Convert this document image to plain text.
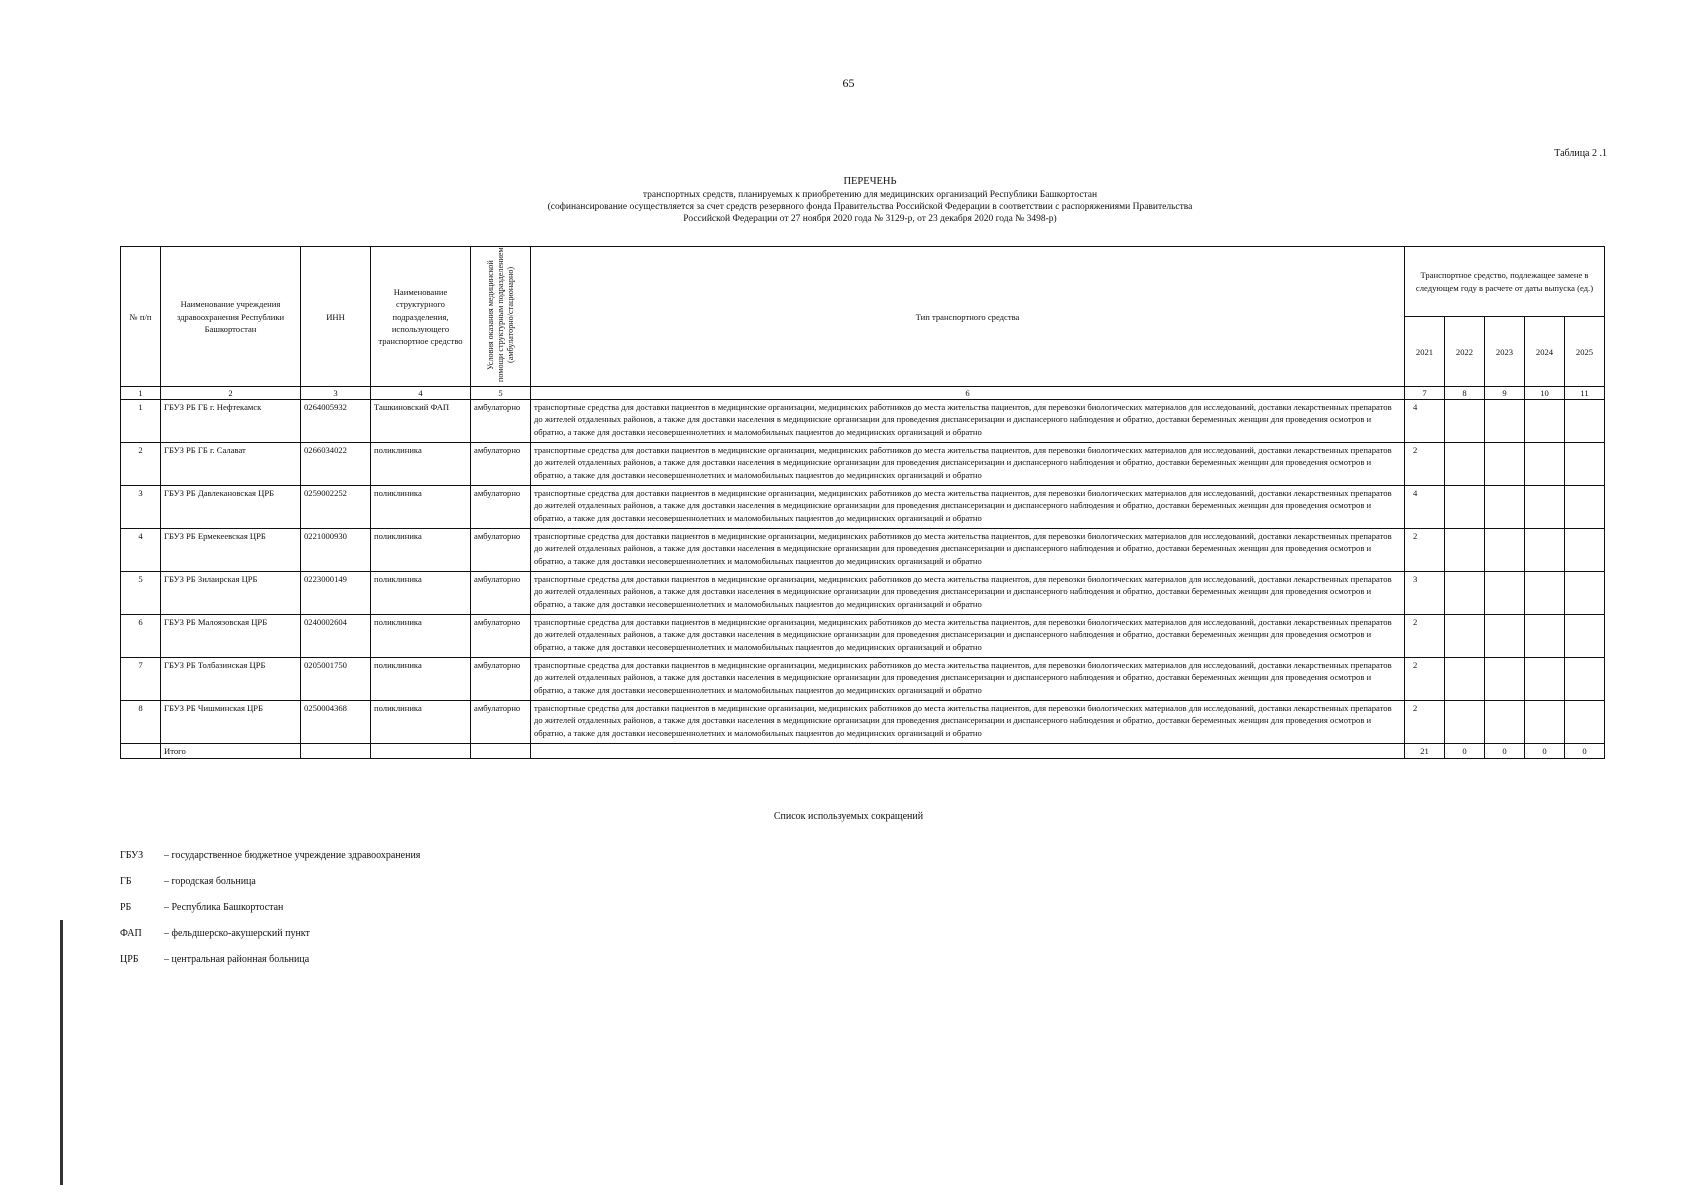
65
Таблица 2 .1
ПЕРЕЧЕНЬ
транспортных средств, планируемых к приобретению для медицинских организаций Республики Башкортостан
(софинансирование осуществляется за счет средств резервного фонда Правительства Российской Федерации в соответствии с распоряжениями Правительства
Российской Федерации от 27 ноября 2020 года № 3129-р, от 23 декабря 2020 года № 3498-р)
№ п/п	Наименование учреждения здравоохранения Республики Башкортостан	ИНН	Наименование структурного подразделения, использующего транспортное средство	Условия оказания медицинской помощи структурным подразделением (амбулаторно/стационарно)	Тип транспортного средства	Транспортное средство, подлежащее замене в следующем году в расчете от даты выпуска (ед.)				
						2021	2022	2023	2024	2025
1	2	3	4	5	6	7	8	9	10	11
1	ГБУЗ РБ ГБ г. Нефтекамск	0264005932	Ташкиновский ФАП	амбулаторно	транспортные средства для доставки пациентов в медицинские организации, медицинских работников до места жительства пациентов, для перевозки биологических материалов для исследований, доставки лекарственных препаратов до жителей отдаленных районов, а также для доставки населения в медицинские организации для проведения диспансеризации и диспансерного наблюдения и обратно, доставки беременных женщин для проведения осмотров и обратно, а также для доставки несовершеннолетних и маломобильных пациентов до медицинских организаций и обратно	4				
2	ГБУЗ РБ ГБ г. Салават	0266034022	поликлиника	амбулаторно	транспортные средства для доставки пациентов в медицинские организации, медицинских работников до места жительства пациентов, для перевозки биологических материалов для исследований, доставки лекарственных препаратов до жителей отдаленных районов, а также для доставки населения в медицинские организации для проведения диспансеризации и диспансерного наблюдения и обратно, доставки беременных женщин для проведения осмотров и обратно, а также для доставки несовершеннолетних и маломобильных пациентов до медицинских организаций и обратно	2				
3	ГБУЗ РБ Давлекановская ЦРБ	0259002252	поликлиника	амбулаторно	транспортные средства для доставки пациентов в медицинские организации, медицинских работников до места жительства пациентов, для перевозки биологических материалов для исследований, доставки лекарственных препаратов до жителей отдаленных районов, а также для доставки населения в медицинские организации для проведения диспансеризации и диспансерного наблюдения и обратно, доставки беременных женщин для проведения осмотров и обратно, а также для доставки несовершеннолетних и маломобильных пациентов до медицинских организаций и обратно	4				
4	ГБУЗ РБ Ермекеевская ЦРБ	0221000930	поликлиника	амбулаторно	транспортные средства для доставки пациентов в медицинские организации, медицинских работников до места жительства пациентов, для перевозки биологических материалов для исследований, доставки лекарственных препаратов до жителей отдаленных районов, а также для доставки населения в медицинские организации для проведения диспансеризации и диспансерного наблюдения и обратно, доставки беременных женщин для проведения осмотров и обратно, а также для доставки несовершеннолетних и маломобильных пациентов до медицинских организаций и обратно	2				
5	ГБУЗ РБ Зилаирская ЦРБ	0223000149	поликлиника	амбулаторно	транспортные средства для доставки пациентов в медицинские организации, медицинских работников до места жительства пациентов, для перевозки биологических материалов для исследований, доставки лекарственных препаратов до жителей отдаленных районов, а также для доставки населения в медицинские организации для проведения диспансеризации и диспансерного наблюдения и обратно, доставки беременных женщин для проведения осмотров и обратно, а также для доставки несовершеннолетних и маломобильных пациентов до медицинских организаций и обратно	3				
6	ГБУЗ РБ Малоязовская ЦРБ	0240002604	поликлиника	амбулаторно	транспортные средства для доставки пациентов в медицинские организации, медицинских работников до места жительства пациентов, для перевозки биологических материалов для исследований, доставки лекарственных препаратов до жителей отдаленных районов, а также для доставки населения в медицинские организации для проведения диспансеризации и диспансерного наблюдения и обратно, доставки беременных женщин для проведения осмотров и обратно, а также для доставки несовершеннолетних и маломобильных пациентов до медицинских организаций и обратно	2				
7	ГБУЗ РБ Толбазинская ЦРБ	0205001750	поликлиника	амбулаторно	транспортные средства для доставки пациентов в медицинские организации, медицинских работников до места жительства пациентов, для перевозки биологических материалов для исследований, доставки лекарственных препаратов до жителей отдаленных районов, а также для доставки населения в медицинские организации для проведения диспансеризации и диспансерного наблюдения и обратно, доставки беременных женщин для проведения осмотров и обратно, а также для доставки несовершеннолетних и маломобильных пациентов до медицинских организаций и обратно	2				
8	ГБУЗ РБ Чишминская ЦРБ	0250004368	поликлиника	амбулаторно	транспортные средства для доставки пациентов в медицинские организации, медицинских работников до места жительства пациентов, для перевозки биологических материалов для исследований, доставки лекарственных препаратов до жителей отдаленных районов, а также для доставки населения в медицинские организации для проведения диспансеризации и диспансерного наблюдения и обратно, доставки беременных женщин для проведения осмотров и обратно, а также для доставки несовершеннолетних и маломобильных пациентов до медицинских организаций и обратно	2				
	Итого					21	0	0	0	0
Список используемых сокращений
ГБУЗ – государственное бюджетное учреждение здравоохранения
ГБ	– городская больница
РБ	– Республика Башкортостан
ФАП – фельдшерско-акушерский пункт
ЦРБ	– центральная районная больница
